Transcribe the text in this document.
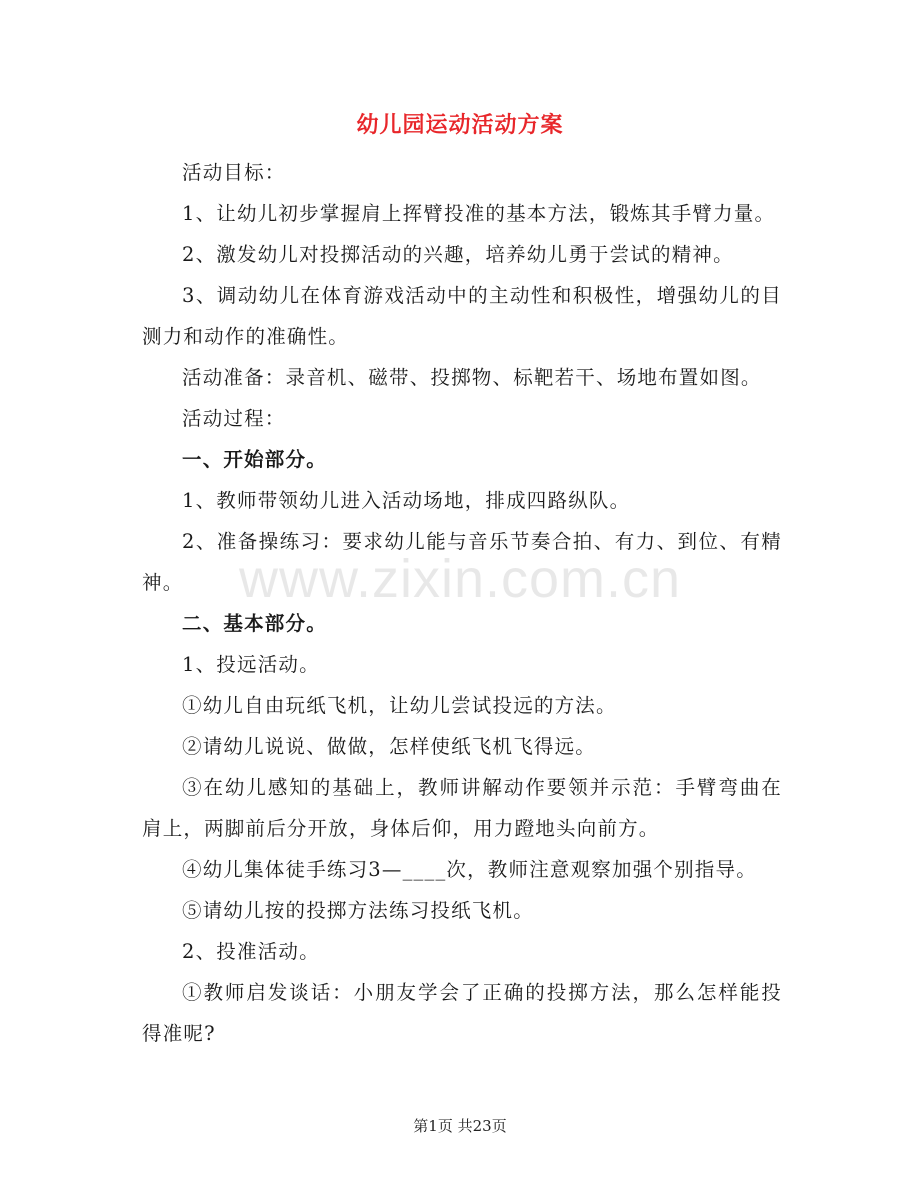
幼儿园运动活动方案

活动目标：

1、让幼儿初步掌握肩上挥臂投准的基本方法，锻炼其手臂力量。

2、激发幼儿对投掷活动的兴趣，培养幼儿勇于尝试的精神。

3、调动幼儿在体育游戏活动中的主动性和积极性，增强幼儿的目测力和动作的准确性。

活动准备：录音机、磁带、投掷物、标靶若干、场地布置如图。

活动过程：

一、开始部分。

1、教师带领幼儿进入活动场地，排成四路纵队。

2、准备操练习：要求幼儿能与音乐节奏合拍、有力、到位、有精神。

二、基本部分。

1、投远活动。

①幼儿自由玩纸飞机，让幼儿尝试投远的方法。

②请幼儿说说、做做，怎样使纸飞机飞得远。

③在幼儿感知的基础上，教师讲解动作要领并示范：手臂弯曲在肩上，两脚前后分开放，身体后仰，用力蹬地头向前方。

④幼儿集体徒手练习3—____次，教师注意观察加强个别指导。

⑤请幼儿按的投掷方法练习投纸飞机。

2、投准活动。

①教师启发谈话：小朋友学会了正确的投掷方法，那么怎样能投得准呢?

www.zixin.com.cn
第1页 共23页
